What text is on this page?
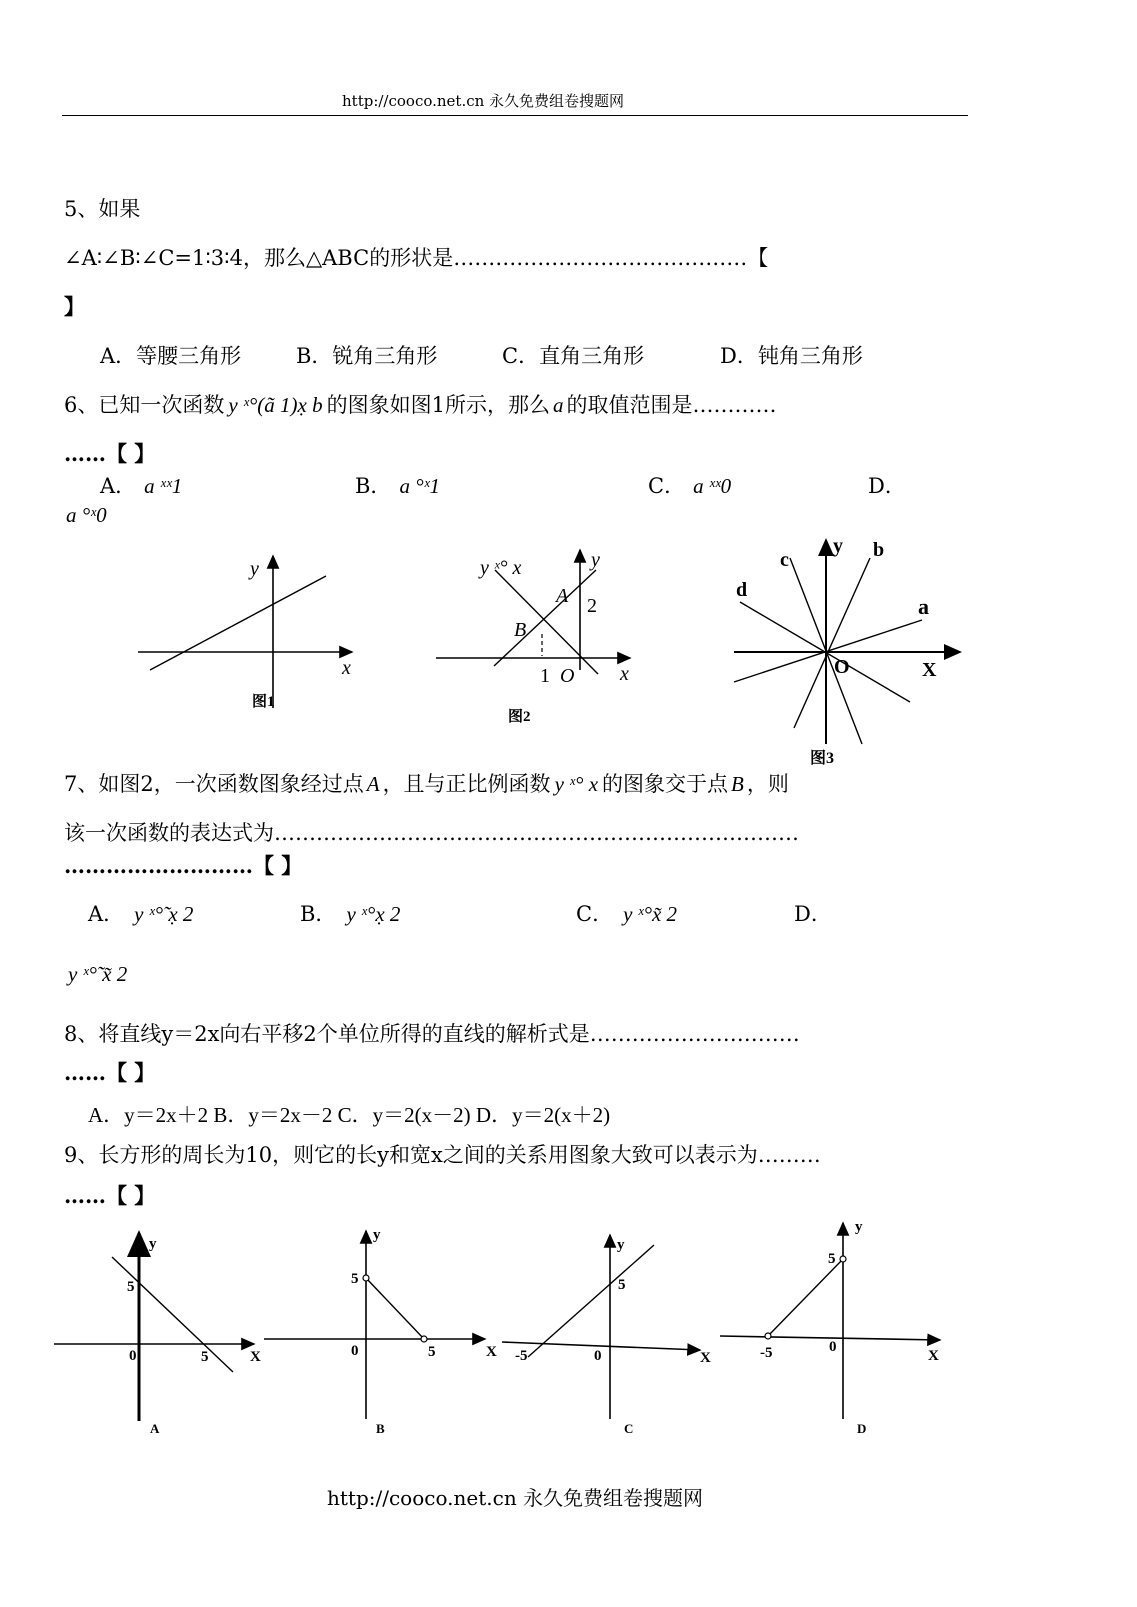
http://cooco.net.cn 永久免费组卷搜题网
5、如果
∠A∶∠B∶∠C=1∶3∶4，那么△ABC的形状是……………………………………【
】
A．等腰三角形	B．锐角三角形	C．直角三角形	D．钝角三角形
6、已知一次函数 y ˣ°(ã 1)x̣ b 的图象如图1所示，那么 a 的取值范围是…………
……【 】
A． a ˣˣ1	B． a °ˣ1	C． a ˣˣ0	D．
a °ˣ0
y
x
图1
y ˣ° x	y
A 2
B
1 O x
图2
c
y b
d
a
O	X
图3
7、如图2，一次函数图象经过点 A ，且与正比例函数 y ˣ° x 的图象交于点 B ，则
该一次函数的表达式为…………………………………………………………………
………………………【 】
A． y ˣ°̃ x̣ 2	B． y ˣ°x̣ 2	C． y ˣ°x̃ 2	D．
y ˣ°̃ x̃ 2
8、将直线y＝2x向右平移2个单位所得的直线的解析式是…………………………
……【 】
A．y＝2x＋2 B．y＝2x－2 C．y＝2(x－2) D．y＝2(x＋2)
9、长方形的周长为10，则它的长y和宽x之间的关系用图象大致可以表示为………
……【 】
y
5
0	5	X
A
y
5
0	5	X
B
y
5
-5	0	X
C
y
5
-5	0
X
D
http://cooco.net.cn 永久免费组卷搜题网
